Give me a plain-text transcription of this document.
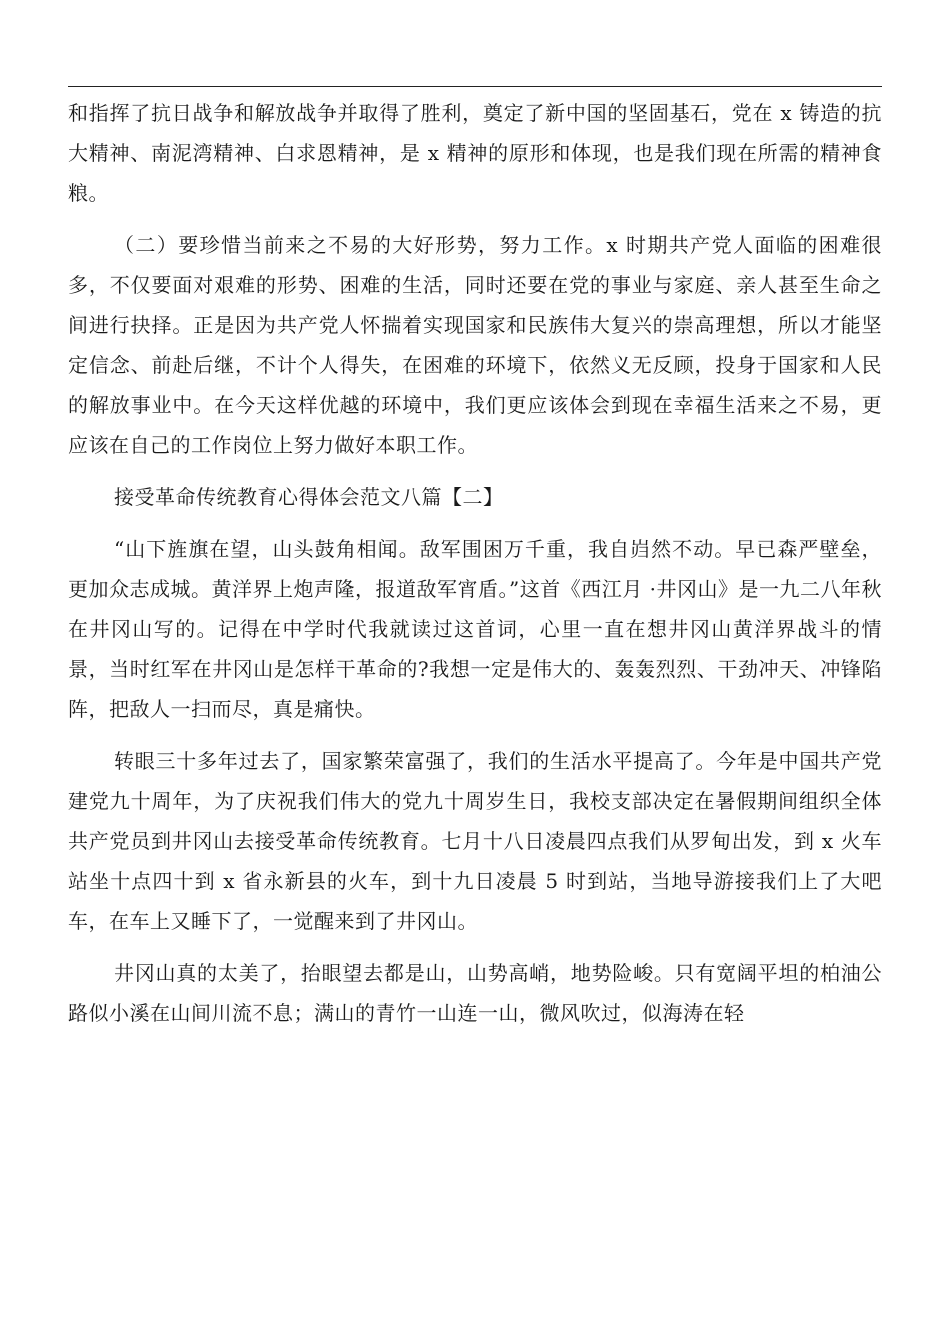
和指挥了抗日战争和解放战争并取得了胜利，奠定了新中国的坚固基石，党在 x 铸造的抗大精神、南泥湾精神、白求恩精神，是 x 精神的原形和体现，也是我们现在所需的精神食粮。

（二）要珍惜当前来之不易的大好形势，努力工作。x 时期共产党人面临的困难很多，不仅要面对艰难的形势、困难的生活，同时还要在党的事业与家庭、亲人甚至生命之间进行抉择。正是因为共产党人怀揣着实现国家和民族伟大复兴的崇高理想，所以才能坚定信念、前赴后继，不计个人得失，在困难的环境下，依然义无反顾，投身于国家和人民的解放事业中。在今天这样优越的环境中，我们更应该体会到现在幸福生活来之不易，更应该在自己的工作岗位上努力做好本职工作。

接受革命传统教育心得体会范文八篇【二】

“山下旌旗在望，山头鼓角相闻。敌军围困万千重，我自岿然不动。早已森严壁垒，更加众志成城。黄洋界上炮声隆，报道敌军宵盾。”这首《西江月 ·井冈山》是一九二八年秋在井冈山写的。记得在中学时代我就读过这首词，心里一直在想井冈山黄洋界战斗的情景，当时红军在井冈山是怎样干革命的?我想一定是伟大的、轰轰烈烈、干劲冲天、冲锋陷阵，把敌人一扫而尽，真是痛快。

转眼三十多年过去了，国家繁荣富强了，我们的生活水平提高了。今年是中国共产党建党九十周年，为了庆祝我们伟大的党九十周岁生日，我校支部决定在暑假期间组织全体共产党员到井冈山去接受革命传统教育。七月十八日凌晨四点我们从罗甸出发，到 x 火车站坐十点四十到 x 省永新县的火车，到十九日凌晨 5 时到站，当地导游接我们上了大吧车，在车上又睡下了，一觉醒来到了井冈山。

井冈山真的太美了，抬眼望去都是山，山势高峭，地势险峻。只有宽阔平坦的柏油公路似小溪在山间川流不息；满山的青竹一山连一山，微风吹过，似海涛在轻
